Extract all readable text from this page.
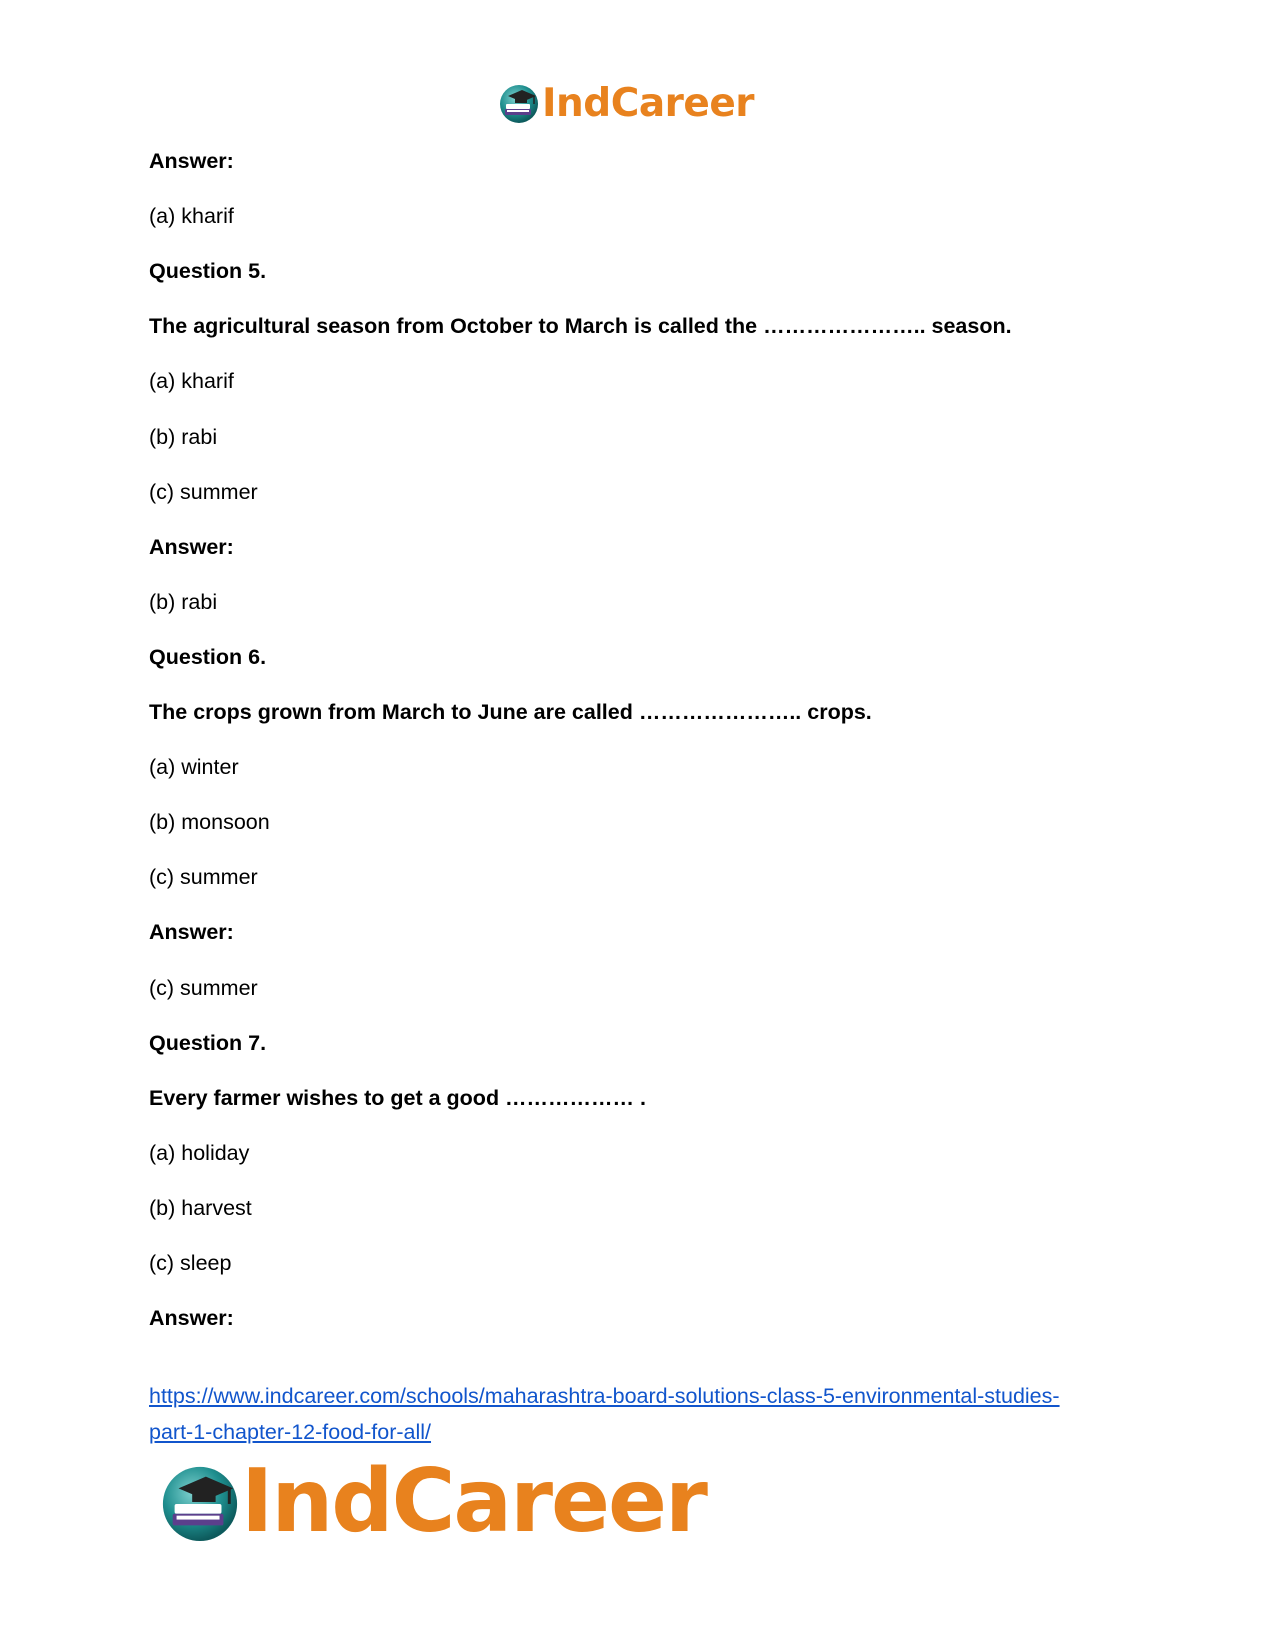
IndCareer
Answer:
(a) kharif
Question 5.
The agricultural season from October to March is called the ………………….. season.
(a) kharif
(b) rabi
(c) summer
Answer:
(b) rabi
Question 6.
The crops grown from March to June are called ………………….. crops.
(a) winter
(b) monsoon
(c) summer
Answer:
(c) summer
Question 7.
Every farmer wishes to get a good ……………… .
(a) holiday
(b) harvest
(c) sleep
Answer:
https://www.indcareer.com/schools/maharashtra-board-solutions-class-5-environmental-studies-
part-1-chapter-12-food-for-all/
IndCareer
